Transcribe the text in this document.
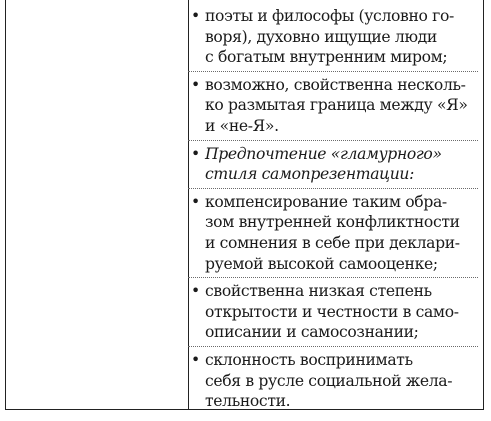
• поэты и философы (условно го-
воря), духовно ищущие люди
с богатым внутренним миром;
• возможно, свойственна несколь-
ко размытая граница между «Я»
и «не-Я».
• Предпочтение «гламурного»
стиля самопрезентации:
• компенсирование таким обра-
зом внутренней конфликтности
и сомнения в себе при деклари-
руемой высокой самооценке;
• свойственна низкая степень
открытости и честности в само-
описании и самосознании;
• склонность воспринимать
себя в русле социальной жела-
тельности.
